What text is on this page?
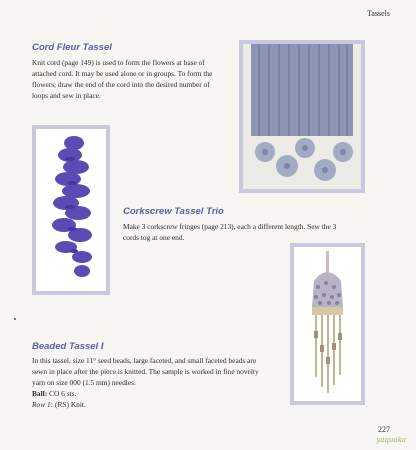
Tassels
Cord Fleur Tassel

Knit cord (page 149) is used to form the flowers at base of
attached cord. It may be used alone or in groups. To form the
flowers, draw the end of the cord into the desired number of
loops and sew in place.

Corkscrew Tassel Trio

Make 3 corkscrew fringes (page 213), each a different length. Sew the 3
cords tog at one end.

Beaded Tassel I

In this tassel, size 11° seed beads, large faceted, and small faceted beads are
sewn in place after the piece is knitted. The sample is worked in fine novelty
yarn on size 000 (1.5 mm) needles.
Ball: CO 6 sts.
Row 1: (RS) Knit.

227
yaquaka
